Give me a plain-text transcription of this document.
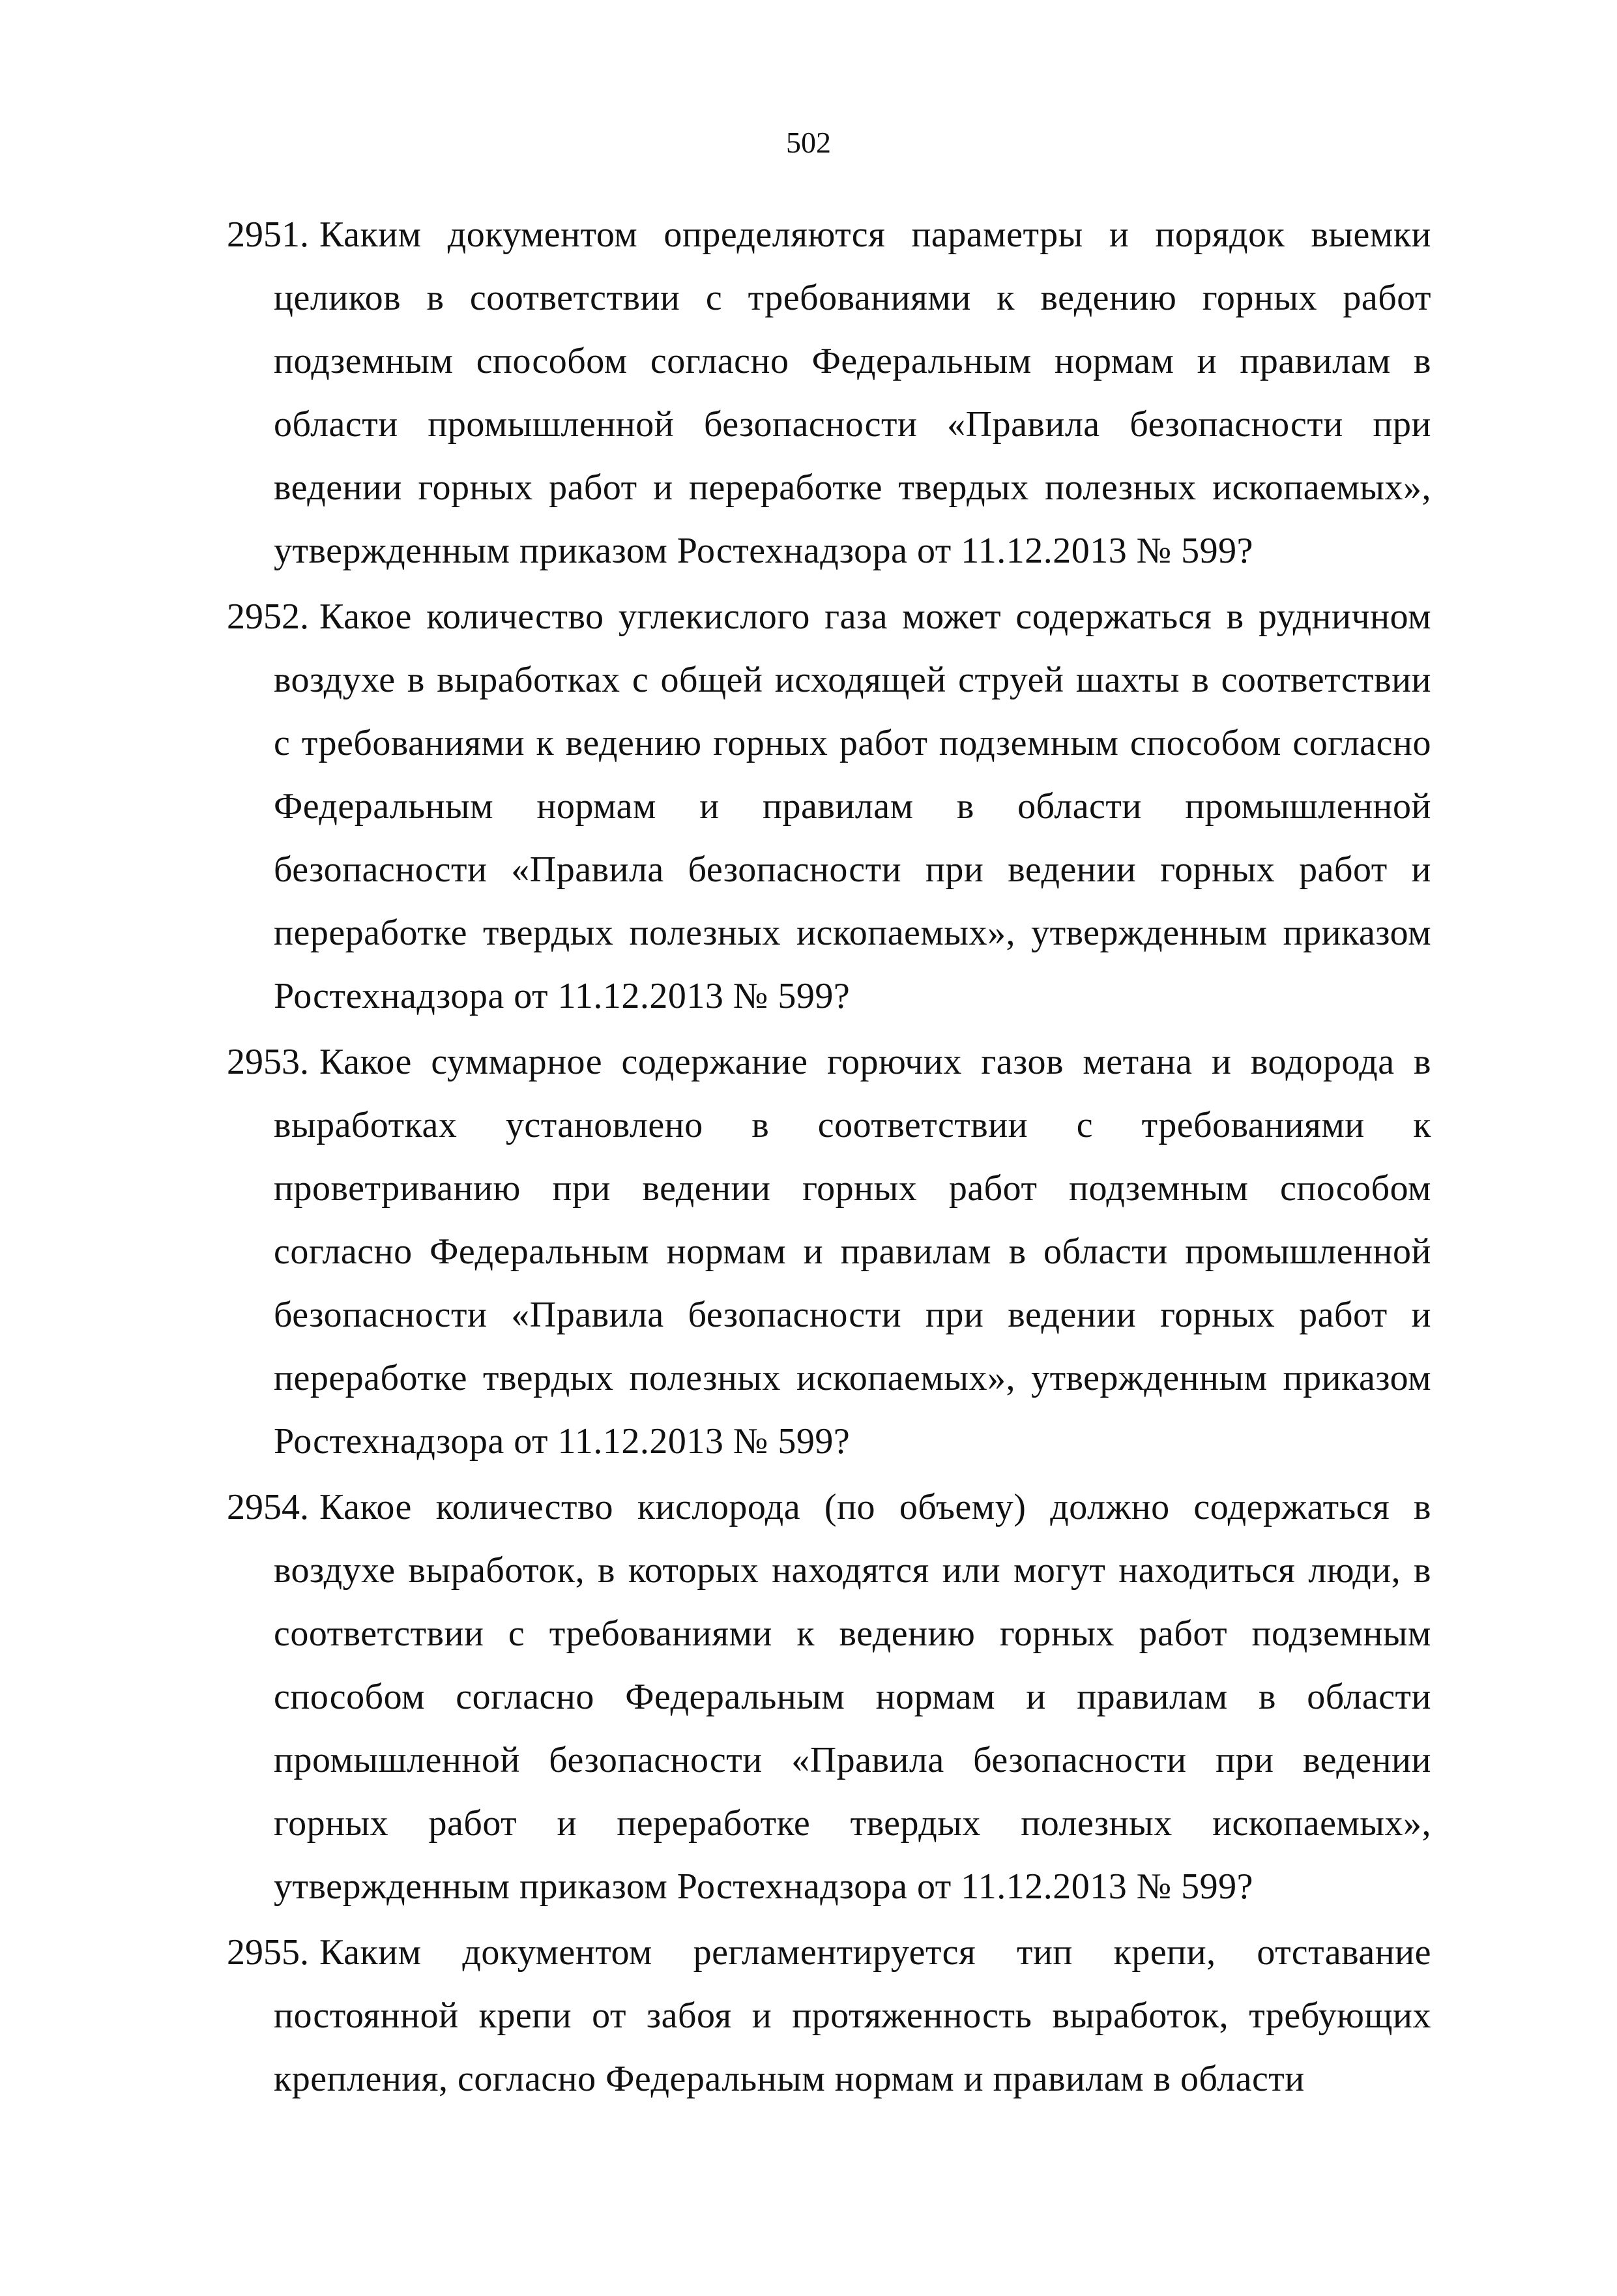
502
2951. Каким документом определяются параметры и порядок выемки целиков в соответствии с требованиями к ведению горных работ подземным способом согласно Федеральным нормам и правилам в области промышленной безопасности «Правила безопасности при ведении горных работ и переработке твердых полезных ископаемых», утвержденным приказом Ростехнадзора от 11.12.2013 № 599?
2952. Какое количество углекислого газа может содержаться в рудничном воздухе в выработках с общей исходящей струей шахты в соответствии с требованиями к ведению горных работ подземным способом согласно Федеральным нормам и правилам в области промышленной безопасности «Правила безопасности при ведении горных работ и переработке твердых полезных ископаемых», утвержденным приказом Ростехнадзора от 11.12.2013 № 599?
2953. Какое суммарное содержание горючих газов метана и водорода в выработках установлено в соответствии с требованиями к проветриванию при ведении горных работ подземным способом согласно Федеральным нормам и правилам в области промышленной безопасности «Правила безопасности при ведении горных работ и переработке твердых полезных ископаемых», утвержденным приказом Ростехнадзора от 11.12.2013 № 599?
2954. Какое количество кислорода (по объему) должно содержаться в воздухе выработок, в которых находятся или могут находиться люди, в соответствии с требованиями к ведению горных работ подземным способом согласно Федеральным нормам и правилам в области промышленной безопасности «Правила безопасности при ведении горных работ и переработке твердых полезных ископаемых», утвержденным приказом Ростехнадзора от 11.12.2013 № 599?
2955. Каким документом регламентируется тип крепи, отставание постоянной крепи от забоя и протяженность выработок, требующих крепления, согласно Федеральным нормам и правилам в области
